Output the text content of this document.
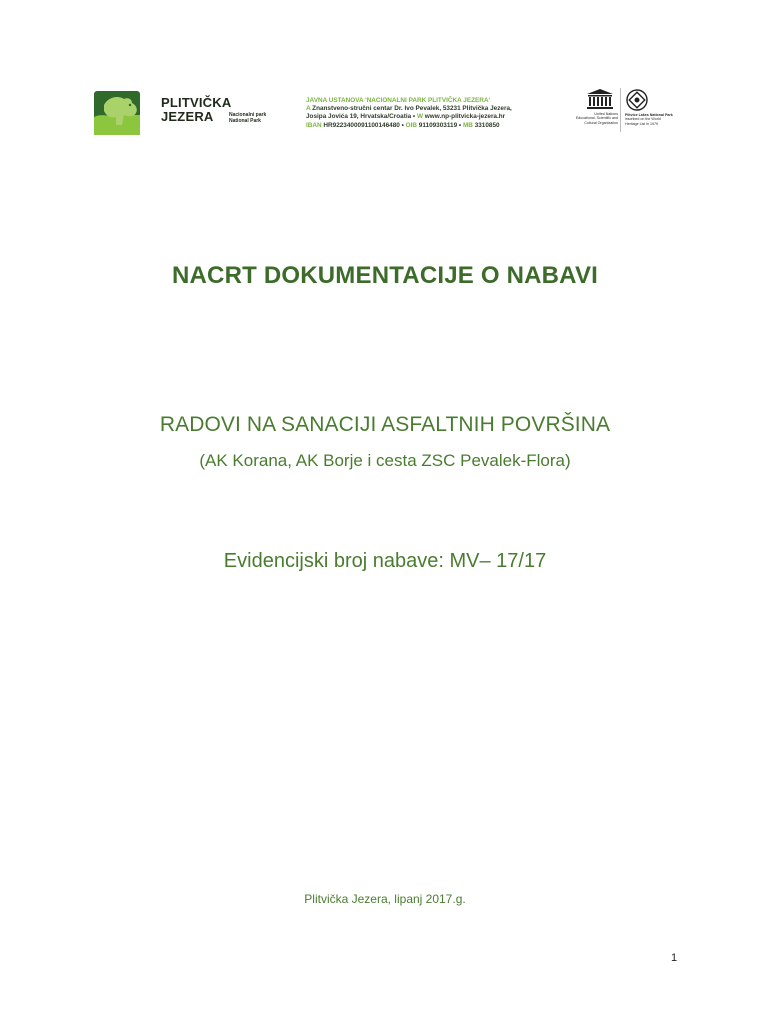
PLITVIČKA
JEZERA	Nacionalni park
National Park
JAVNA USTANOVA 'NACIONALNI PARK PLITVIČKA JEZERA'
A Znanstveno-stručni centar Dr. Ivo Pevalek, 53231 Plitvička Jezera,
Josipa Jovića 19, Hrvatska/Croatia • W www.np-plitvicka-jezera.hr
IBAN HR9223400091100146480 • OIB 91109303119 • MB 3310850
United Nations
Educational, Scientific and
Cultural Organization
Plitvice Lakes National Park
inscribed on the World
Heritage List in 1979
NACRT DOKUMENTACIJE O NABAVI
RADOVI NA SANACIJI ASFALTNIH POVRŠINA
(AK Korana, AK Borje i cesta ZSC Pevalek-Flora)
Evidencijski broj nabave: MV– 17/17
Plitvička Jezera, lipanj 2017.g.
1
